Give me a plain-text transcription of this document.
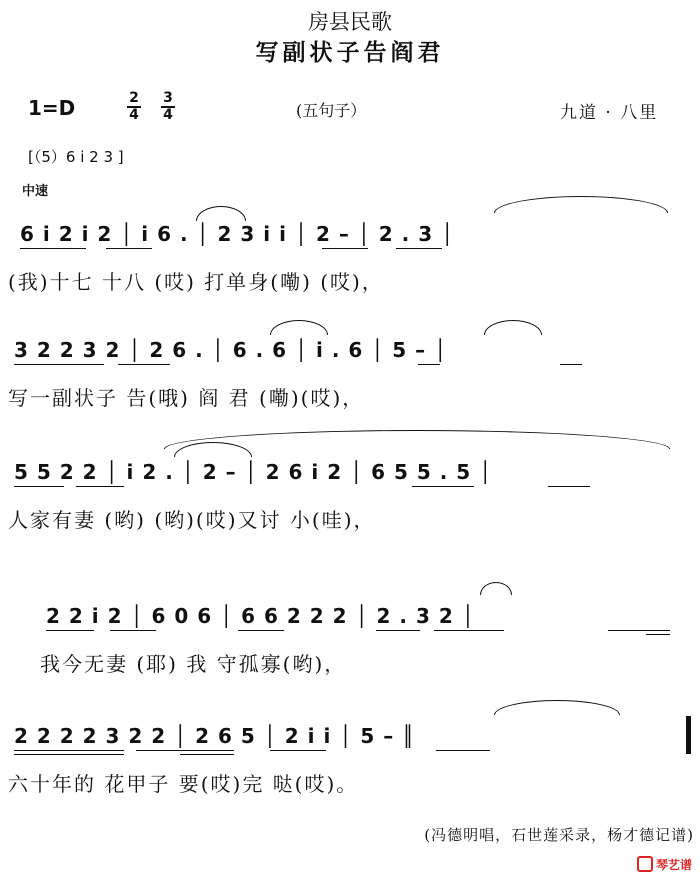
房县民歌
写副状子告阎君
1=D	2
4
3
4	(五句子）	九道 · 八里
[（5）6 i 2 3 ]
中速
6 i 2 i 2 │ i 6 . │ 2 3 i i │ 2 – │ 2 . 3 │
(我)十七 十八 (哎) 打单身(嘞) (哎)，
3 2 2 3 2 │ 2 6 . │ 6 . 6 │ i . 6 │ 5 – │
写一副状子 告(哦) 阎 君 (嘞)(哎)，
5 5 2 2 │ i 2 . │ 2 – │ 2 6 i 2 │ 6 5 5 . 5 │
人家有妻 (哟) (哟)(哎)又讨 小(哇)，
2 2 i 2 │ 6 0 6 │ 6 6 2 2 2 │ 2 . 3 2 │
我今无妻 (耶) 我 守孤寡(哟)，
2 2 2 2 3 2 2 │ 2 6 5 │ 2 i i │ 5 – ║
六十年的 花甲子 要(哎)完 哒(哎)。
(冯德明唱，石世莲采录，杨才德记谱)
琴艺谱
